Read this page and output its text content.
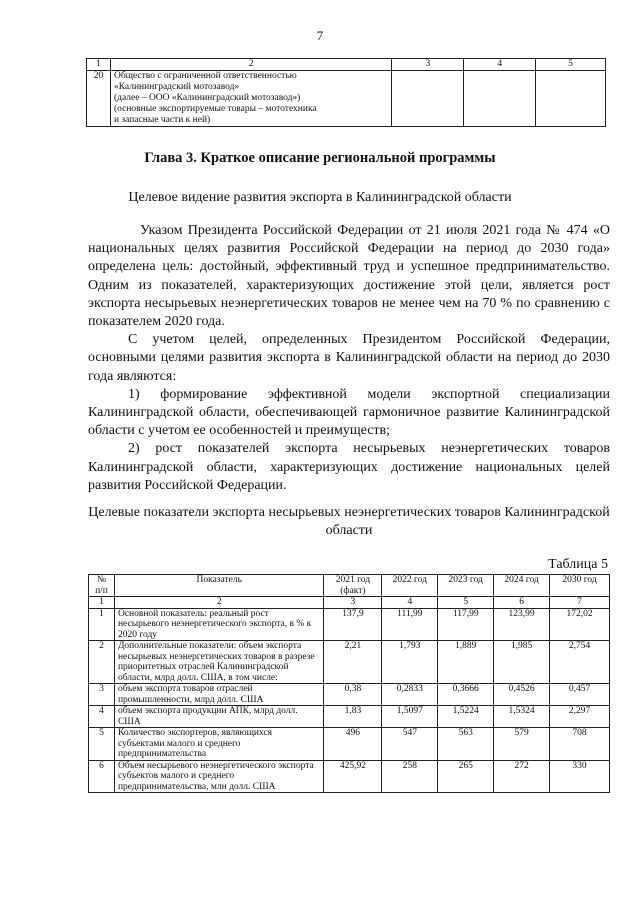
7
1	2	3	4	5
20	Общество с ограниченной ответственностью
«Калининградский мотозавод»
(далее – ООО «Калининградский мотозавод»)
(основные экспортируемые товары – мототехника
и запасные части к ней)			

Глава 3. Краткое описание региональной программы
Целевое видение развития экспорта в Калининградской области

Указом Президента Российской Федерации от 21 июля 2021 года № 474 «О национальных целях развития Российской Федерации на период до 2030 года» определена цель: достойный, эффективный труд и успешное предпринимательство. Одним из показателей, характеризующих достижение этой цели, является рост экспорта несырьевых неэнергетических товаров не менее чем на 70 % по сравнению с показателем 2020 года.

С учетом целей, определенных Президентом Российской Федерации, основными целями развития экспорта в Калининградской области на период до 2030 года являются:

1) формирование эффективной модели экспортной специализации Калининградской области, обеспечивающей гармоничное развитие Калининградской области с учетом ее особенностей и преимуществ;

2) рост показателей экспорта несырьевых неэнергетических товаров Калининградской области, характеризующих достижение национальных целей развития Российской Федерации.

Целевые показатели экспорта несырьевых неэнергетических товаров Калининградской области
Таблица 5
№ п/п	Показатель	2021 год (факт)	2022 год	2023 год	2024 год	2030 год
1	2	3	4	5	6	7
1	Основной показатель: реальный рост несырьевого неэнергетического экспорта, в % к 2020 году	137,9	111,99	117,99	123,99	172,02
2	Дополнительные показатели: объем экспорта несырьевых неэнергетических товаров в разрезе приоритетных отраслей Калининградской области, млрд долл. США, в том числе:	2,21	1,793	1,889	1,985	2,754
3	объем экспорта товаров отраслей промышленности, млрд долл. США	0,38	0,2833	0,3666	0,4526	0,457
4	объем экспорта продукции АПК, млрд долл. США	1,83	1,5097	1,5224	1,5324	2,297
5	Количество экспортеров, являющихся субъектами малого и среднего предпринимательства	496	547	563	579	708
6	Объем несырьевого неэнергетического экспорта субъектов малого и среднего предпринимательства, млн долл. США	425,92	258	265	272	330
